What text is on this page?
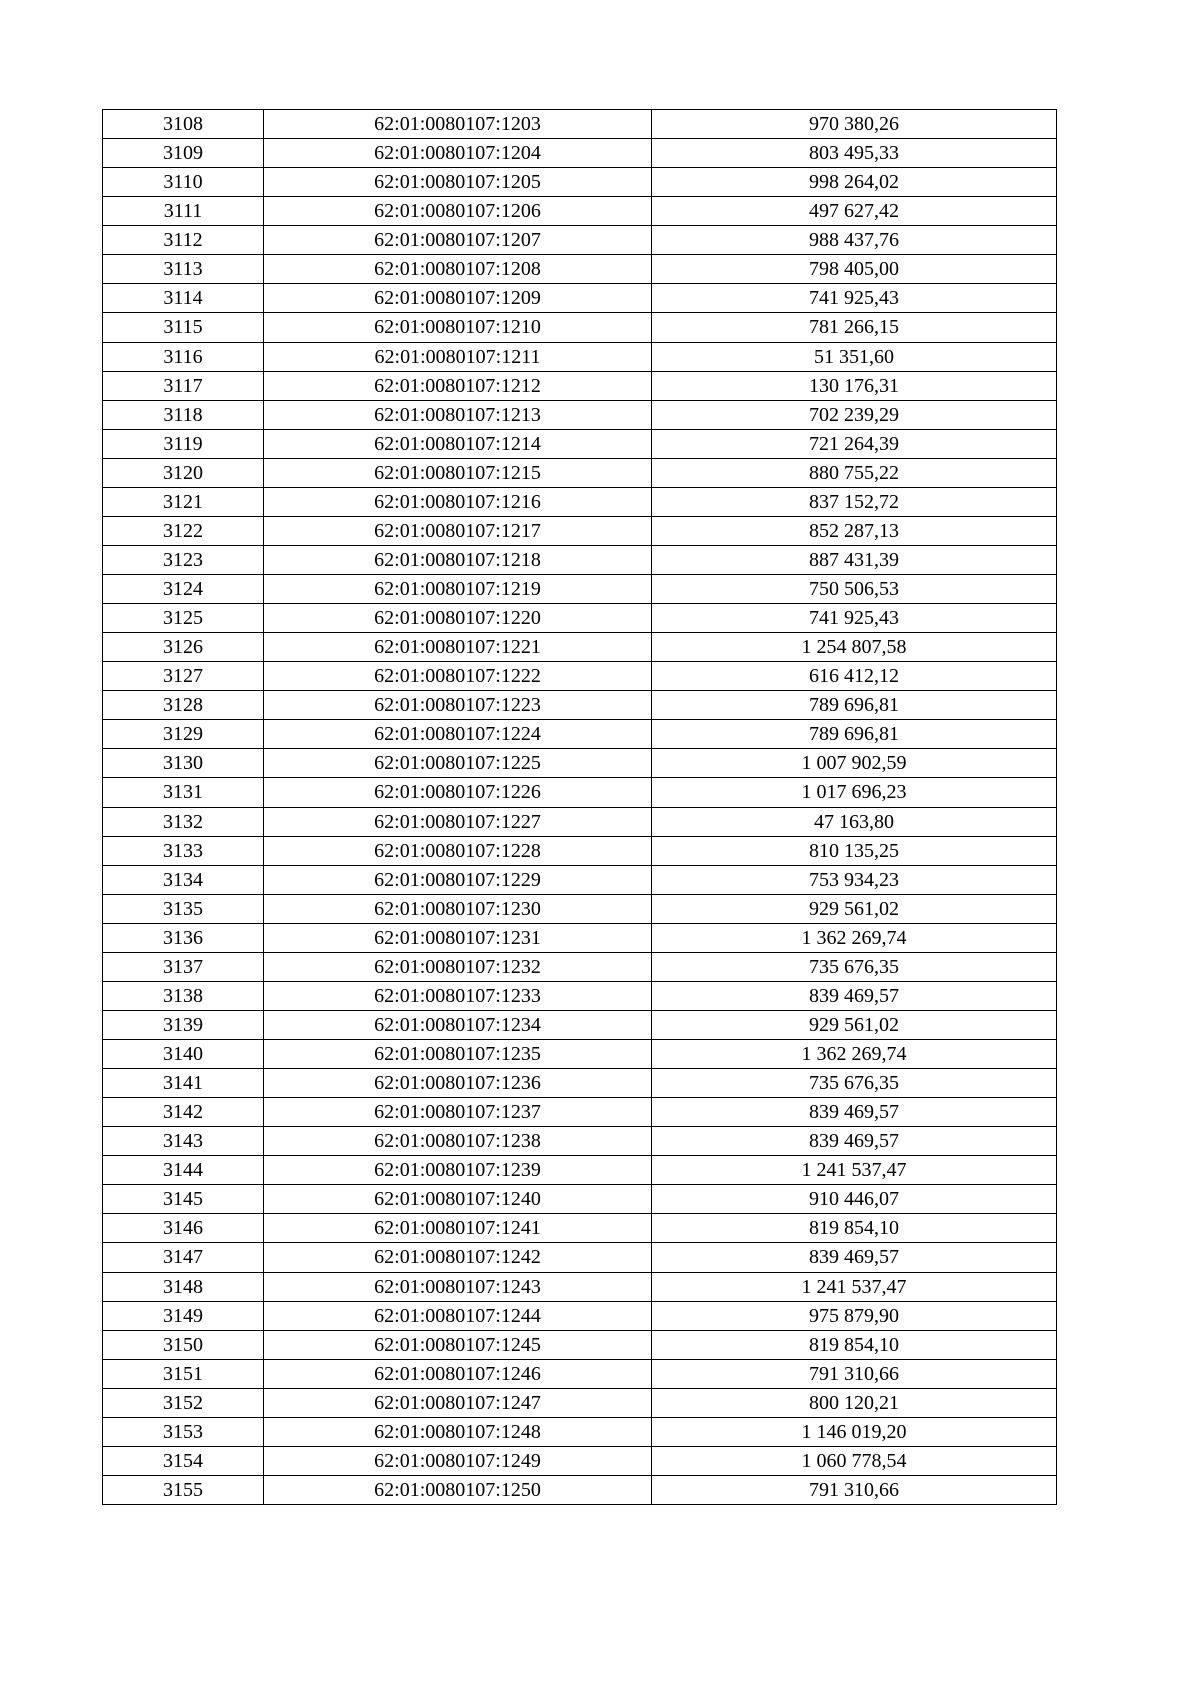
3108	62:01:0080107:1203	970 380,26
3109	62:01:0080107:1204	803 495,33
3110	62:01:0080107:1205	998 264,02
3111	62:01:0080107:1206	497 627,42
3112	62:01:0080107:1207	988 437,76
3113	62:01:0080107:1208	798 405,00
3114	62:01:0080107:1209	741 925,43
3115	62:01:0080107:1210	781 266,15
3116	62:01:0080107:1211	51 351,60
3117	62:01:0080107:1212	130 176,31
3118	62:01:0080107:1213	702 239,29
3119	62:01:0080107:1214	721 264,39
3120	62:01:0080107:1215	880 755,22
3121	62:01:0080107:1216	837 152,72
3122	62:01:0080107:1217	852 287,13
3123	62:01:0080107:1218	887 431,39
3124	62:01:0080107:1219	750 506,53
3125	62:01:0080107:1220	741 925,43
3126	62:01:0080107:1221	1 254 807,58
3127	62:01:0080107:1222	616 412,12
3128	62:01:0080107:1223	789 696,81
3129	62:01:0080107:1224	789 696,81
3130	62:01:0080107:1225	1 007 902,59
3131	62:01:0080107:1226	1 017 696,23
3132	62:01:0080107:1227	47 163,80
3133	62:01:0080107:1228	810 135,25
3134	62:01:0080107:1229	753 934,23
3135	62:01:0080107:1230	929 561,02
3136	62:01:0080107:1231	1 362 269,74
3137	62:01:0080107:1232	735 676,35
3138	62:01:0080107:1233	839 469,57
3139	62:01:0080107:1234	929 561,02
3140	62:01:0080107:1235	1 362 269,74
3141	62:01:0080107:1236	735 676,35
3142	62:01:0080107:1237	839 469,57
3143	62:01:0080107:1238	839 469,57
3144	62:01:0080107:1239	1 241 537,47
3145	62:01:0080107:1240	910 446,07
3146	62:01:0080107:1241	819 854,10
3147	62:01:0080107:1242	839 469,57
3148	62:01:0080107:1243	1 241 537,47
3149	62:01:0080107:1244	975 879,90
3150	62:01:0080107:1245	819 854,10
3151	62:01:0080107:1246	791 310,66
3152	62:01:0080107:1247	800 120,21
3153	62:01:0080107:1248	1 146 019,20
3154	62:01:0080107:1249	1 060 778,54
3155	62:01:0080107:1250	791 310,66
